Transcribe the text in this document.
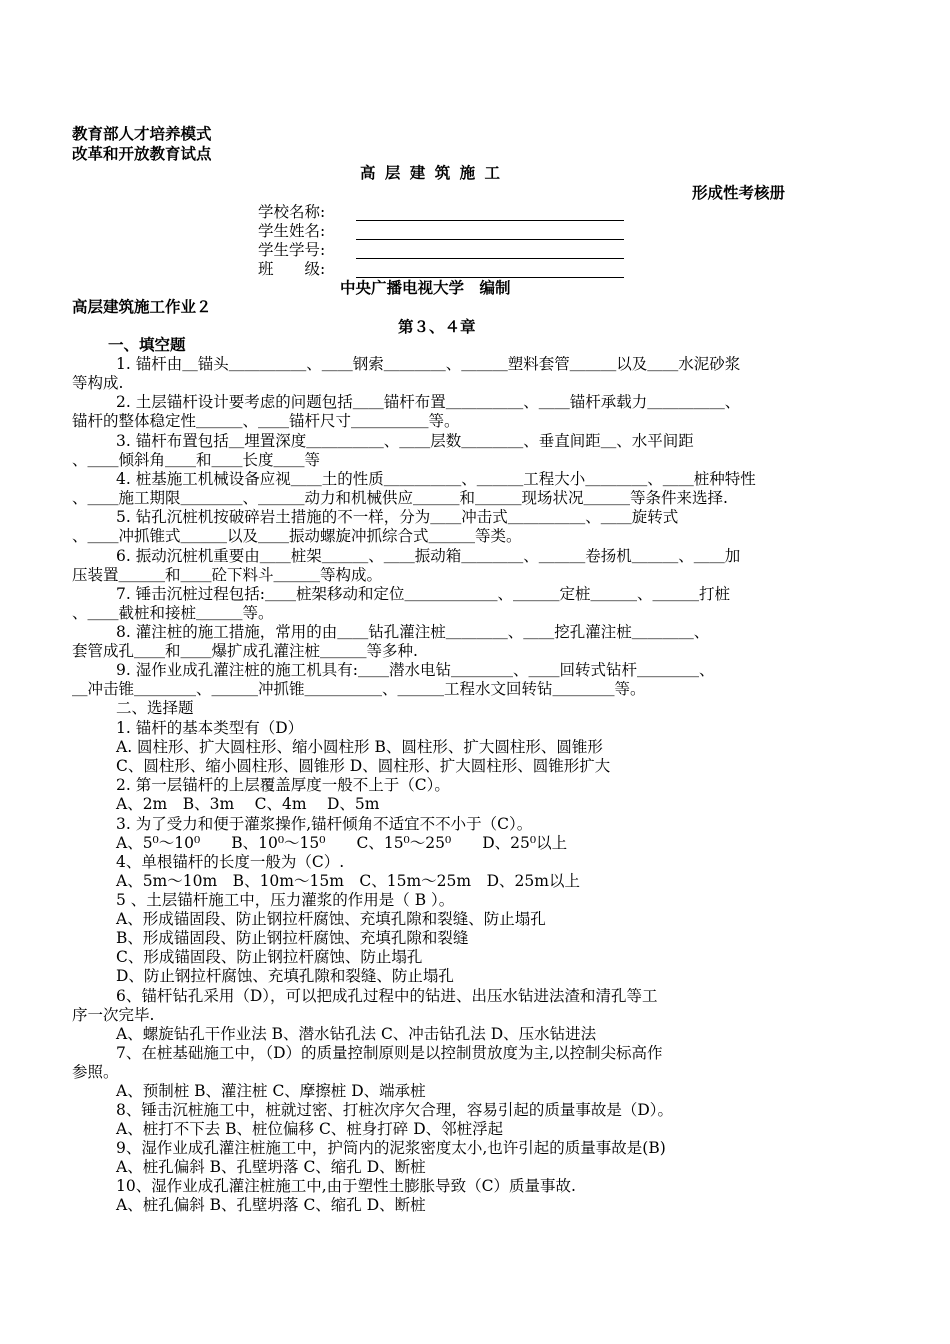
教育部人才培养模式
改革和开放教育试点
高 层 建 筑 施 工
形成性考核册
学校名称:
学生姓名:
学生学号:
班　　级:
中央广播电视大学　编制
高层建筑施工作业２
第３、４章
一、填空题
1. 锚杆由＿锚头＿＿＿＿＿、＿＿钢索＿＿＿＿、＿＿＿塑料套管＿＿＿以及＿＿水泥砂浆
等构成.
2. 土层锚杆设计要考虑的问题包括＿＿锚杆布置＿＿＿＿＿、＿＿锚杆承载力＿＿＿＿＿、
锚杆的整体稳定性＿＿＿、＿＿锚杆尺寸＿＿＿＿＿等。
3. 锚杆布置包括＿埋置深度＿＿＿＿＿、＿＿层数＿＿＿＿、垂直间距＿、水平间距
、＿＿倾斜角＿＿和＿＿长度＿＿等
4. 桩基施工机械设备应视＿＿土的性质＿＿＿＿＿、＿＿＿工程大小＿＿＿＿、＿＿桩种特性
、＿＿施工期限＿＿＿＿、＿＿＿动力和机械供应＿＿＿和＿＿＿现场状况＿＿＿等条件来选择.
5. 钻孔沉桩机按破碎岩土措施的不一样，分为＿＿冲击式＿＿＿＿＿、＿＿旋转式
、＿＿冲抓锥式＿＿＿以及＿＿振动螺旋冲抓综合式＿＿＿等类。
6. 振动沉桩机重要由＿＿桩架＿＿＿、＿＿振动箱＿＿＿＿、＿＿＿卷扬机＿＿＿、＿＿加
压装置＿＿＿和＿＿砼下料斗＿＿＿等构成。
7. 锤击沉桩过程包括:＿＿桩架移动和定位＿＿＿＿＿＿、＿＿＿定桩＿＿＿、＿＿＿打桩
、＿＿截桩和接桩＿＿＿等。
8. 灌注桩的施工措施，常用的由＿＿钻孔灌注桩＿＿＿＿、＿＿挖孔灌注桩＿＿＿＿、
套管成孔＿＿和＿＿爆扩成孔灌注桩＿＿＿等多种.
9. 湿作业成孔灌注桩的施工机具有:＿＿潜水电钻＿＿＿＿、＿＿回转式钻杆＿＿＿＿、
＿冲击锥＿＿＿＿、＿＿＿冲抓锥＿＿＿＿＿、＿＿＿工程水文回转钻＿＿＿＿等。
二、选择题
1. 锚杆的基本类型有（D）
A. 圆柱形、扩大圆柱形、缩小圆柱形 B、圆柱形、扩大圆柱形、圆锥形
C、圆柱形、缩小圆柱形、圆锥形 D、圆柱形、扩大圆柱形、圆锥形扩大
2. 第一层锚杆的上层覆盖厚度一般不上于（C）。
A、2m　B、3m　 C、4m　 D、5m
3. 为了受力和便于灌浆操作,锚杆倾角不适宜不不小于（C）。
A、5⁰～10⁰　　B、10⁰～15⁰　　C、15⁰～25⁰　　D、25⁰以上
4、单根锚杆的长度一般为（C）.
A、5m～10m　B、10m～15m　C、15m～25m　D、25m以上
5 、土层锚杆施工中，压力灌浆的作用是（ B ）。
A、形成锚固段、防止钢拉杆腐蚀、充填孔隙和裂缝、防止塌孔
B、形成锚固段、防止钢拉杆腐蚀、充填孔隙和裂缝
C、形成锚固段、防止钢拉杆腐蚀、防止塌孔
D、防止钢拉杆腐蚀、充填孔隙和裂缝、防止塌孔
6、锚杆钻孔采用（D），可以把成孔过程中的钻进、出压水钻进法渣和清孔等工
序一次完毕.
A、螺旋钻孔干作业法 B、潜水钻孔法 C、冲击钻孔法 D、压水钻进法
7、在桩基础施工中，（D）的质量控制原则是以控制贯放度为主,以控制尖标高作
参照。
A、预制桩 B、灌注桩 C、摩擦桩 D、端承桩
8、锤击沉桩施工中，桩就过密、打桩次序欠合理，容易引起的质量事故是（D）。
A、桩打不下去 B、桩位偏移 C、桩身打碎 D、邻桩浮起
9、湿作业成孔灌注桩施工中，护筒内的泥浆密度太小,也许引起的质量事故是(B)
A、桩孔偏斜 B、孔壁坍落 C、缩孔 D、断桩
10、湿作业成孔灌注桩施工中,由于塑性土膨胀导致（C）质量事故.
A、桩孔偏斜 B、孔壁坍落 C、缩孔 D、断桩
